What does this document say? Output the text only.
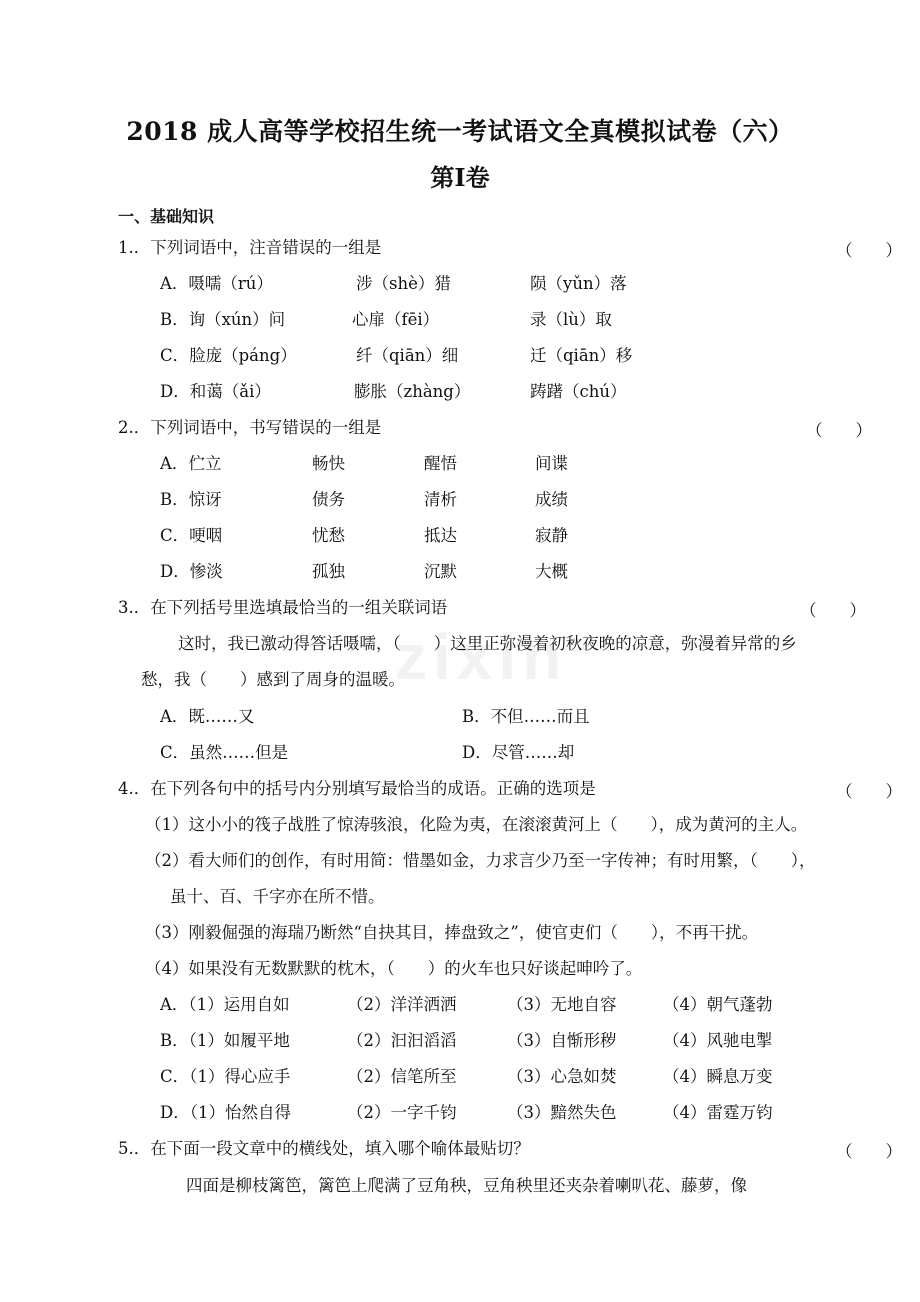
zixin
2018 成人高等学校招生统一考试语文全真模拟试卷（六）
第Ⅰ卷
一、基础知识
1.．下列词语中，注音错误的一组是	（　　）
A．嗫嚅（rú）	涉（shè）猎	陨（yǔn）落
B．询（xún）问	心扉（fēi）	录（lù）取
C．脸庞（páng）	纤（qiān）细	迁（qiān）移
D．和蔼（ǎi）	膨胀（zhàng）	踌躇（chú）
2.．下列词语中，书写错误的一组是	（　　）
A．伫立	畅快	醒悟	间谍
B．惊讶	债务	清析	成绩
C．哽咽	忧愁	抵达	寂静
D．惨淡	孤独	沉默	大概
3.．在下列括号里选填最恰当的一组关联词语	（　　）
这时，我已激动得答话嗫嚅，（　　）这里正弥漫着初秋夜晚的凉意，弥漫着异常的乡
愁，我（　　）感到了周身的温暖。
A．既……又	B．不但……而且
C．虽然……但是	D．尽管……却
4.．在下列各句中的括号内分别填写最恰当的成语。正确的选项是	（　　）
（1）这小小的筏子战胜了惊涛骇浪，化险为夷，在滚滚黄河上（　　），成为黄河的主人。
（2）看大师们的创作，有时用简：惜墨如金，力求言少乃至一字传神；有时用繁，（　　），
虽十、百、千字亦在所不惜。
（3）刚毅倔强的海瑞乃断然“自抉其目，捧盘致之”，使官吏们（　　），不再干扰。
（4）如果没有无数默默的枕木，（　　）的火车也只好谈起呻吟了。
A．（1）运用自如	（2）洋洋洒洒	（3）无地自容	（4）朝气蓬勃
B．（1）如履平地	（2）汩汩滔滔	（3）自惭形秽	（4）风驰电掣
C．（1）得心应手	（2）信笔所至	（3）心急如焚	（4）瞬息万变
D．（1）怡然自得	（2）一字千钧	（3）黯然失色	（4）雷霆万钧
5.．在下面一段文章中的横线处，填入哪个喻体最贴切？	（　　）
四面是柳枝篱笆，篱笆上爬满了豆角秧，豆角秧里还夹杂着喇叭花、藤萝，像
